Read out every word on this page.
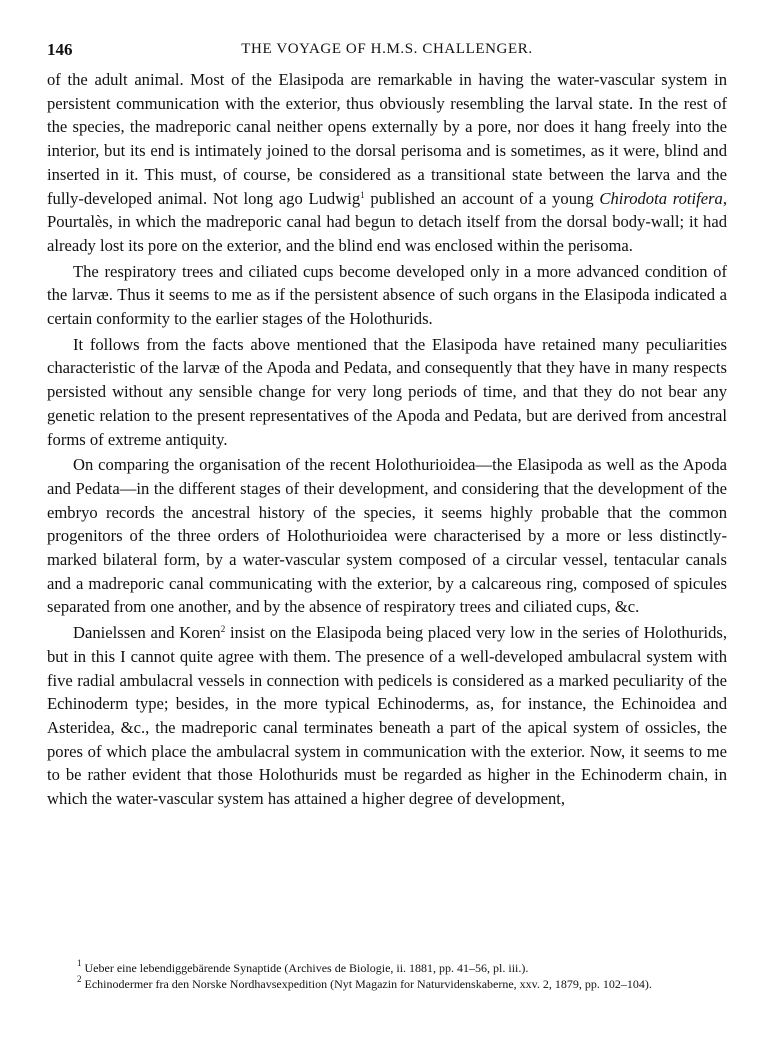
146	THE VOYAGE OF H.M.S. CHALLENGER.

of the adult animal. Most of the Elasipoda are remarkable in having the water-vascular system in persistent communication with the exterior, thus obviously resembling the larval state. In the rest of the species, the madreporic canal neither opens externally by a pore, nor does it hang freely into the interior, but its end is intimately joined to the dorsal perisoma and is sometimes, as it were, blind and inserted in it. This must, of course, be considered as a transitional state between the larva and the fully-developed animal. Not long ago Ludwig$^1$ published an account of a young Chirodota rotifera, Pourtalès, in which the madreporic canal had begun to detach itself from the dorsal body-wall; it had already lost its pore on the exterior, and the blind end was enclosed within the perisoma.

The respiratory trees and ciliated cups become developed only in a more advanced condition of the larvæ. Thus it seems to me as if the persistent absence of such organs in the Elasipoda indicated a certain conformity to the earlier stages of the Holothurids.

It follows from the facts above mentioned that the Elasipoda have retained many peculiarities characteristic of the larvæ of the Apoda and Pedata, and consequently that they have in many respects persisted without any sensible change for very long periods of time, and that they do not bear any genetic relation to the present representatives of the Apoda and Pedata, but are derived from ancestral forms of extreme antiquity.

On comparing the organisation of the recent Holothurioidea—the Elasipoda as well as the Apoda and Pedata—in the different stages of their development, and considering that the development of the embryo records the ancestral history of the species, it seems highly probable that the common progenitors of the three orders of Holothurioidea were characterised by a more or less distinctly-marked bilateral form, by a water-vascular system composed of a circular vessel, tentacular canals and a madreporic canal communicating with the exterior, by a calcareous ring, composed of spicules separated from one another, and by the absence of respiratory trees and ciliated cups, &c.

Danielssen and Koren$^2$ insist on the Elasipoda being placed very low in the series of Holothurids, but in this I cannot quite agree with them. The presence of a well-developed ambulacral system with five radial ambulacral vessels in connection with pedicels is considered as a marked peculiarity of the Echinoderm type; besides, in the more typical Echinoderms, as, for instance, the Echinoidea and Asteridea, &c., the madreporic canal terminates beneath a part of the apical system of ossicles, the pores of which place the ambulacral system in communication with the exterior. Now, it seems to me to be rather evident that those Holothurids must be regarded as higher in the Echinoderm chain, in which the water-vascular system has attained a higher degree of development,

$^1$ Ueber eine lebendiggebärende Synaptide (Archives de Biologie, ii. 1881, pp. 41–56, pl. iii.).

$^2$ Echinodermer fra den Norske Nordhavsexpedition (Nyt Magazin for Naturvidenskaberne, xxv. 2, 1879, pp. 102–104).
